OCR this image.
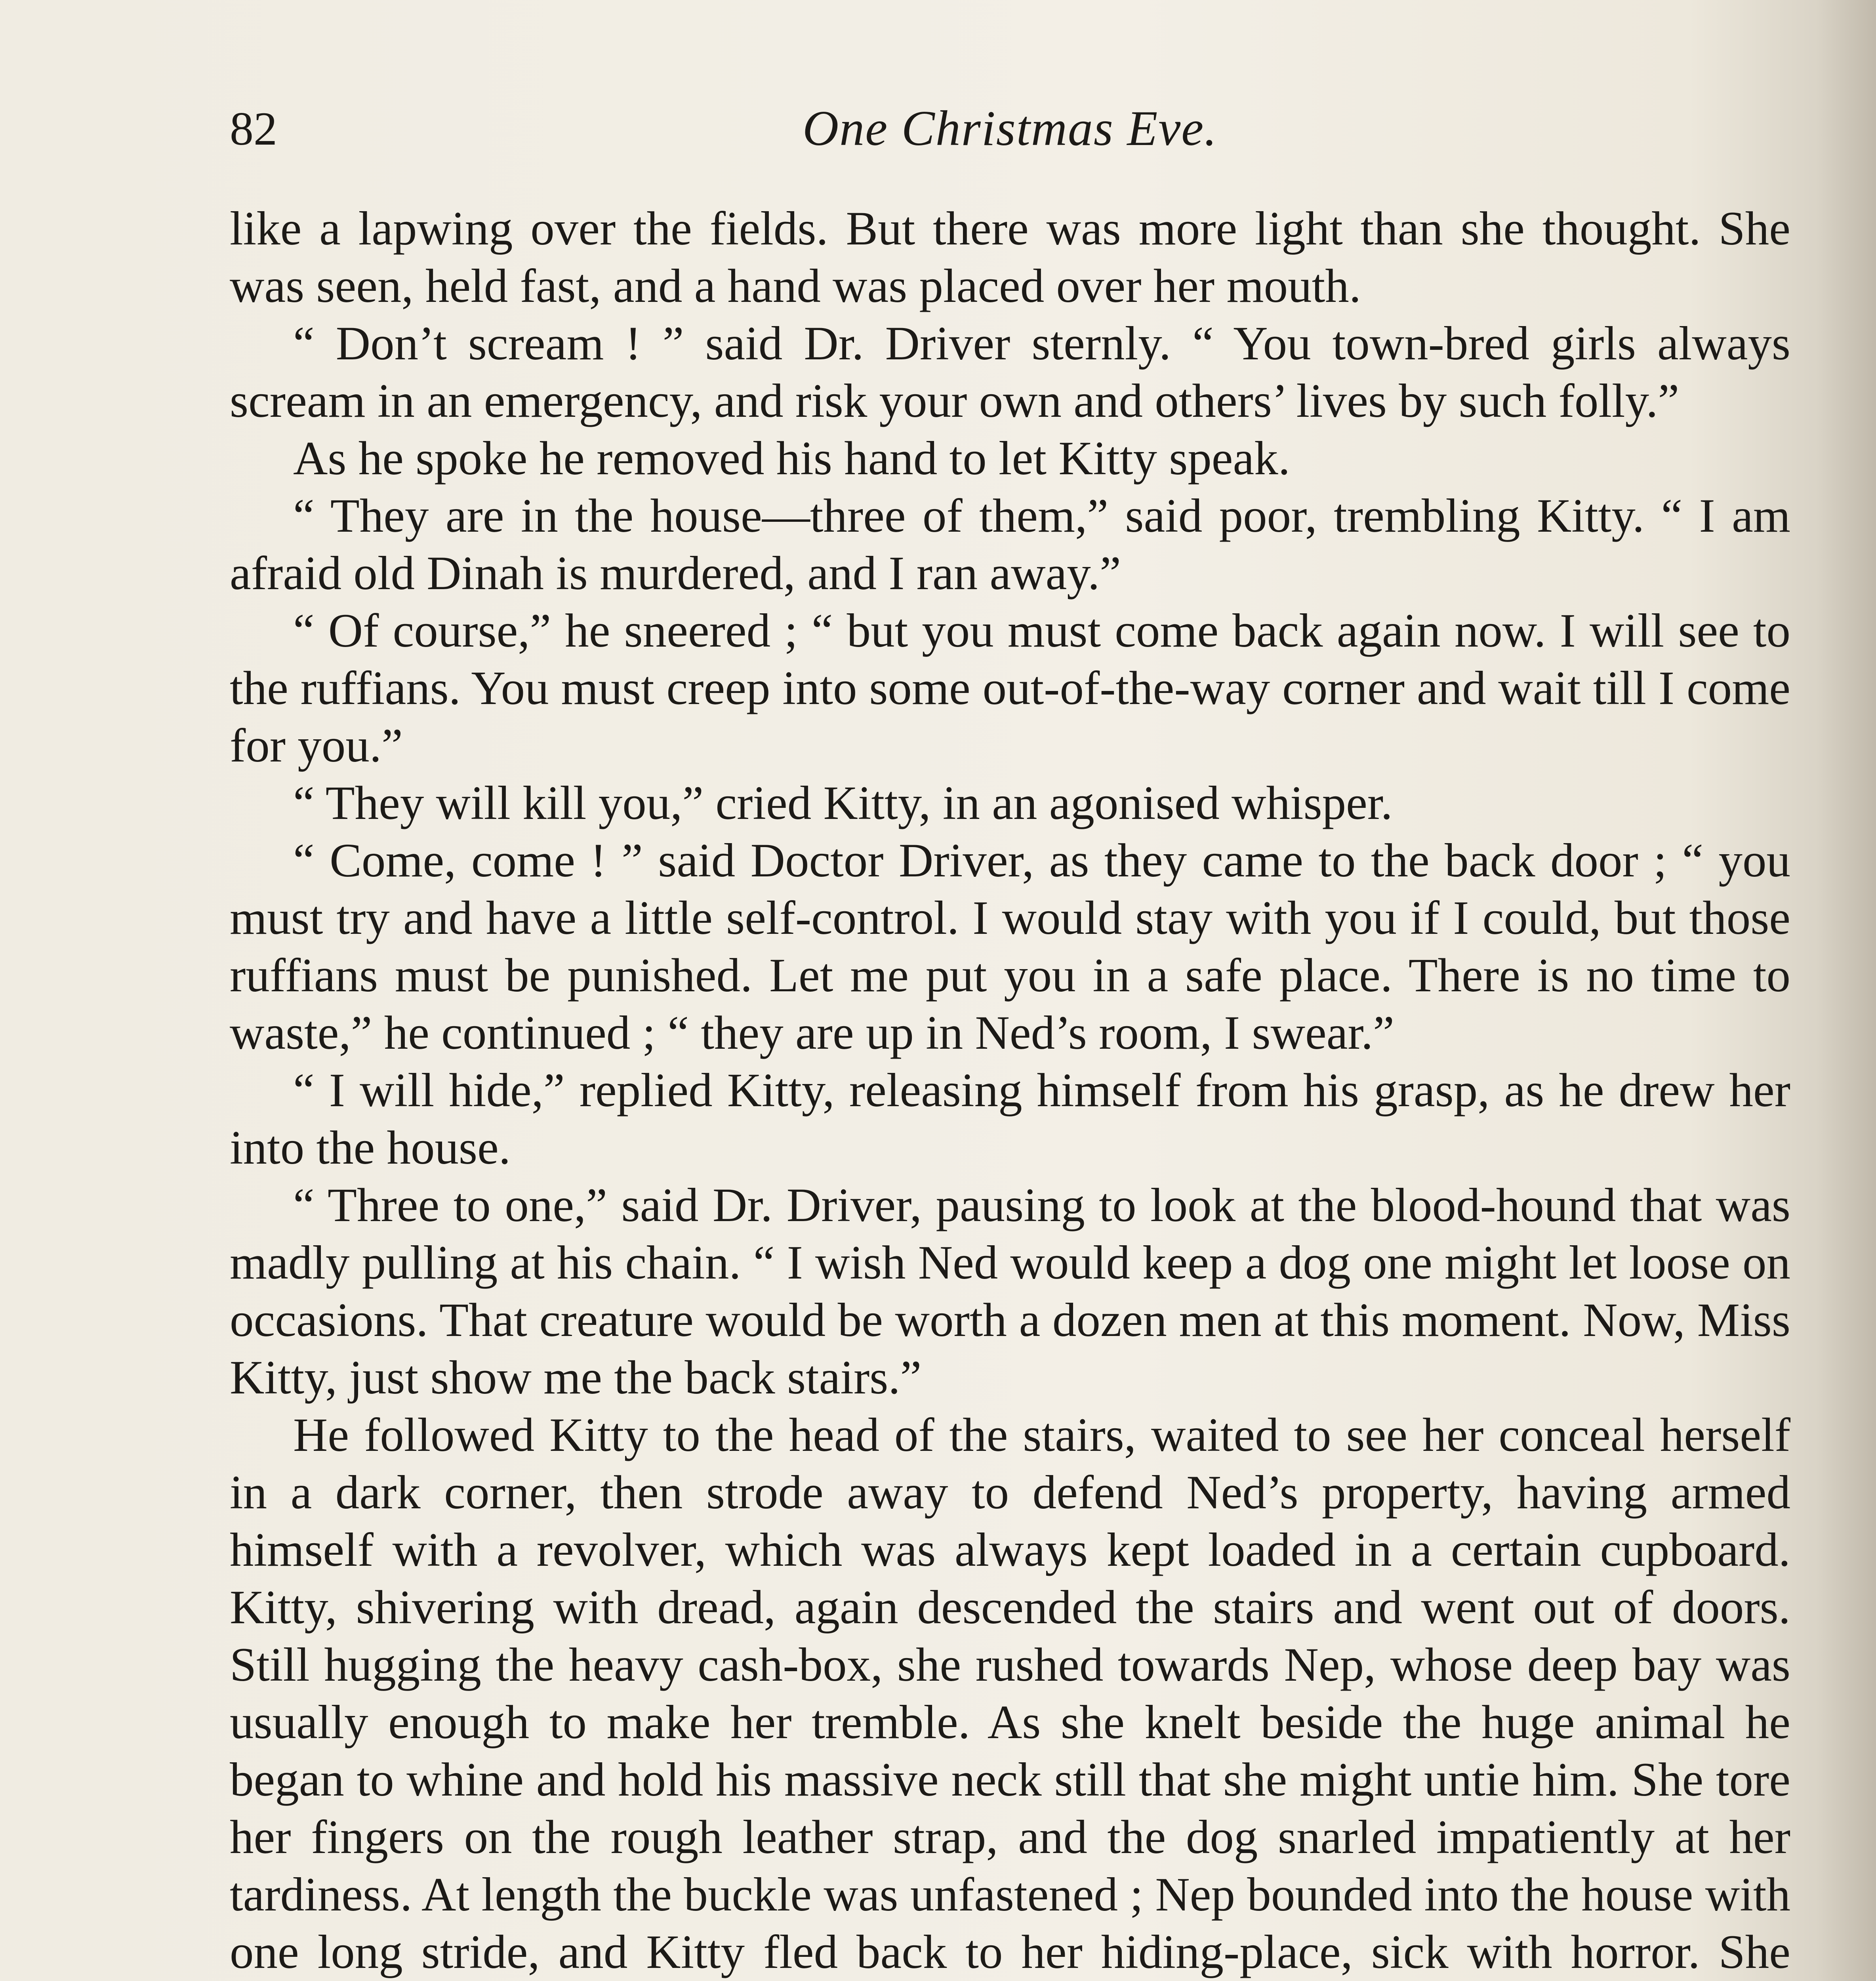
82	One Christmas Eve.

like a lapwing over the fields. But there was more light than she thought. She was seen, held fast, and a hand was placed over her mouth.

“ Don’t scream ! ” said Dr. Driver sternly. “ You town-bred girls always scream in an emergency, and risk your own and others’ lives by such folly.”

As he spoke he removed his hand to let Kitty speak.

“ They are in the house—three of them,” said poor, trembling Kitty. “ I am afraid old Dinah is murdered, and I ran away.”

“ Of course,” he sneered ; “ but you must come back again now. I will see to the ruffians. You must creep into some out-of-the-way corner and wait till I come for you.”

“ They will kill you,” cried Kitty, in an agonised whisper.

“ Come, come ! ” said Doctor Driver, as they came to the back door ; “ you must try and have a little self-control. I would stay with you if I could, but those ruffians must be punished. Let me put you in a safe place. There is no time to waste,” he continued ; “ they are up in Ned’s room, I swear.”

“ I will hide,” replied Kitty, releasing himself from his grasp, as he drew her into the house.

“ Three to one,” said Dr. Driver, pausing to look at the blood-hound that was madly pulling at his chain. “ I wish Ned would keep a dog one might let loose on occasions. That creature would be worth a dozen men at this moment. Now, Miss Kitty, just show me the back stairs.”

He followed Kitty to the head of the stairs, waited to see her conceal herself in a dark corner, then strode away to defend Ned’s property, having armed himself with a revolver, which was always kept loaded in a certain cupboard. Kitty, shivering with dread, again descended the stairs and went out of doors. Still hugging the heavy cash-box, she rushed towards Nep, whose deep bay was usually enough to make her tremble. As she knelt beside the huge animal he began to whine and hold his massive neck still that she might untie him. She tore her fingers on the rough leather strap, and the dog snarled impatiently at her tardiness. At length the buckle was unfastened ; Nep bounded into the house with one long stride, and Kitty fled back to her hiding-place, sick with horror. She
